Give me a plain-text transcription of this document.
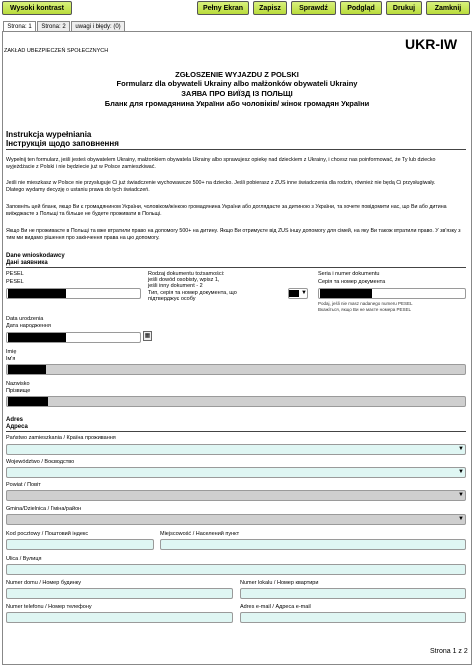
Wysoki kontrast	Pełny Ekran	Zapisz	Sprawdź	Podgląd	Drukuj	Zamknij
Strona: 1	Strona: 2	uwagi i błędy: (0)
ZAKŁAD UBEZPIECZEŃ SPOŁECZNYCH	UKR-IW
ZGŁOSZENIE WYJAZDU Z POLSKI
Formularz dla obywateli Ukrainy albo małżonków obywateli Ukrainy
ЗАЯВА ПРО ВИЇЗД ІЗ ПОЛЬЩІ
Бланк для громадянина України або чоловіків/ жінок громадян України
Instrukcja wypełniania
Інструкція щодо заповнення
Wypełnij ten formularz, jeśli jesteś obywatelem Ukrainy, małżonkiem obywatela Ukrainy albo sprawujesz opiekę nad dzieckiem z Ukrainy, i chcesz nas poinformować, że Ty lub dziecko wyjeżdżacie z Polski i nie będziecie już w Polsce zamieszkiwać.
Jeśli nie mieszkasz w Polsce nie przysługuje Ci już świadczenie wychowawcze 500+ na dziecko. Jeśli pobierasz z ZUS inne świadczenia dla rodzin, również nie będą Ci przysługiwały. Dlatego wydamy decyzję o ustaniu prawa do tych świadczeń.
Заповніть цей бланк, якщо Ви є громадянином України, чоловіком/жінкою громадянина України або доглядаєте за дитиною з України, та хочете повідомити нас, що Ви або дитина виїжджаєте з Польщі та більше не будете проживати в Польщі.
Якщо Ви не проживаєте в Польщі та вже втратили право на допомогу 500+ на дитину. Якщо Ви отримуєте від ZUS іншу допомогу для сімей, на яку Ви також втратили право. У зв'язку з тим ми видамо рішення про закінчення права на цю допомогу.
Dane wnioskodawcy
Дані заявника
PESEL
PESEL
Rodzaj dokumentu tożsamości:
jeśli dowód osobisty, wpisz 1,
jeśli inny dokument - 2
Тип, серія та номер документа, що
підтверджує особу
▼
Seria i numer dokumentu
Серія та номер документа
Podaj, jeśli nie masz nadanego numeru PESEL
Вкажіться, якщо Ви не маєте номера PESEL
Data urodzenia
Дата народження
▦
Imię
Ім'я
Nazwisko
Прізвище
Adres
Адреса
Państwo zamieszkania / Країна проживання
▼
Województwo / Воєводство
▼
Powiat / Повіт
▼
Gmina/Dzielnica / Гміна/район
▼
Kod pocztowy / Поштовий індекс	Miejscowość / Населений пункт
Ulica / Вулиця
Numer domu / Номер будинку	Numer lokalu / Номер квартири
Numer telefonu / Номер телефону	Adres e-mail / Адреса e-mail
Strona 1 z 2
